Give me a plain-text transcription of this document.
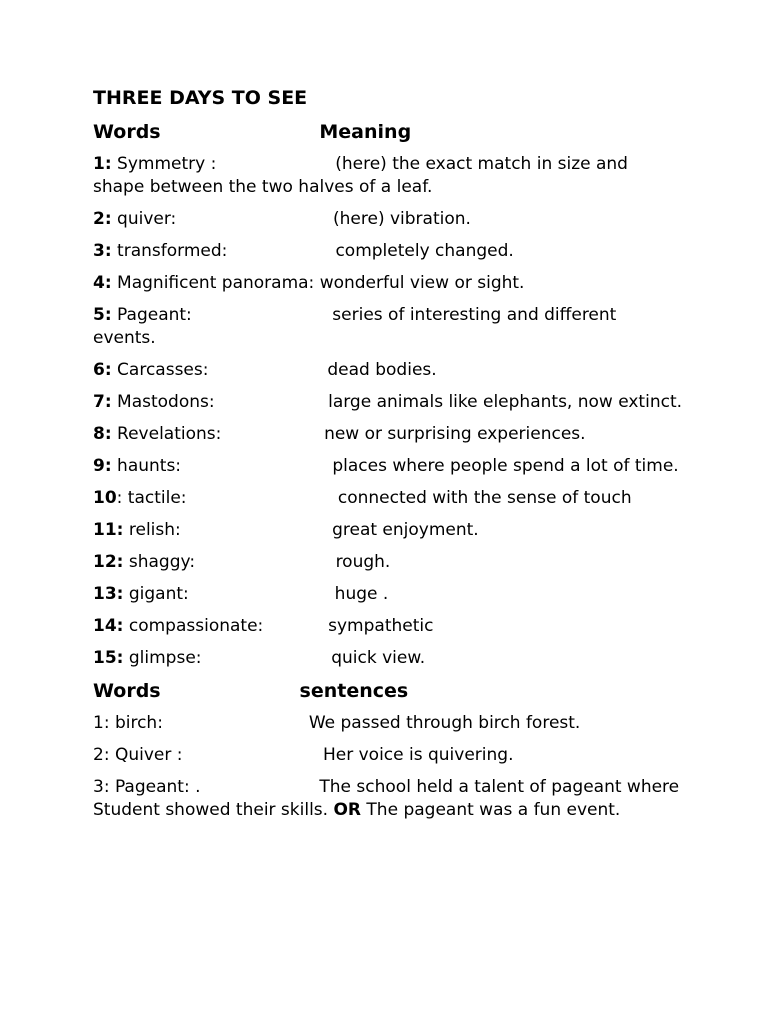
THREE DAYS TO SEE
Words	Meaning
1: Symmetry :	(here) the exact match in size and shape between the two halves of a leaf.
2: quiver:	(here) vibration.
3: transformed:	completely changed.
4: Magnificent panorama: wonderful view or sight.
5: Pageant:	series of interesting and different events.
6: Carcasses:	dead bodies.
7: Mastodons:	large animals like elephants, now extinct.
8: Revelations:	new or surprising experiences.
9: haunts:	places where people spend a lot of time.
10: tactile:	connected with the sense of touch
11: relish:	great enjoyment.
12: shaggy:	rough.
13: gigant:	huge .
14: compassionate:	sympathetic
15: glimpse:	quick view.
Words	sentences
1: birch:	We passed through birch forest.
2: Quiver :	Her voice is quivering.
3: Pageant: .	The school held a talent of pageant where Student showed their skills. OR The pageant was a fun event.
